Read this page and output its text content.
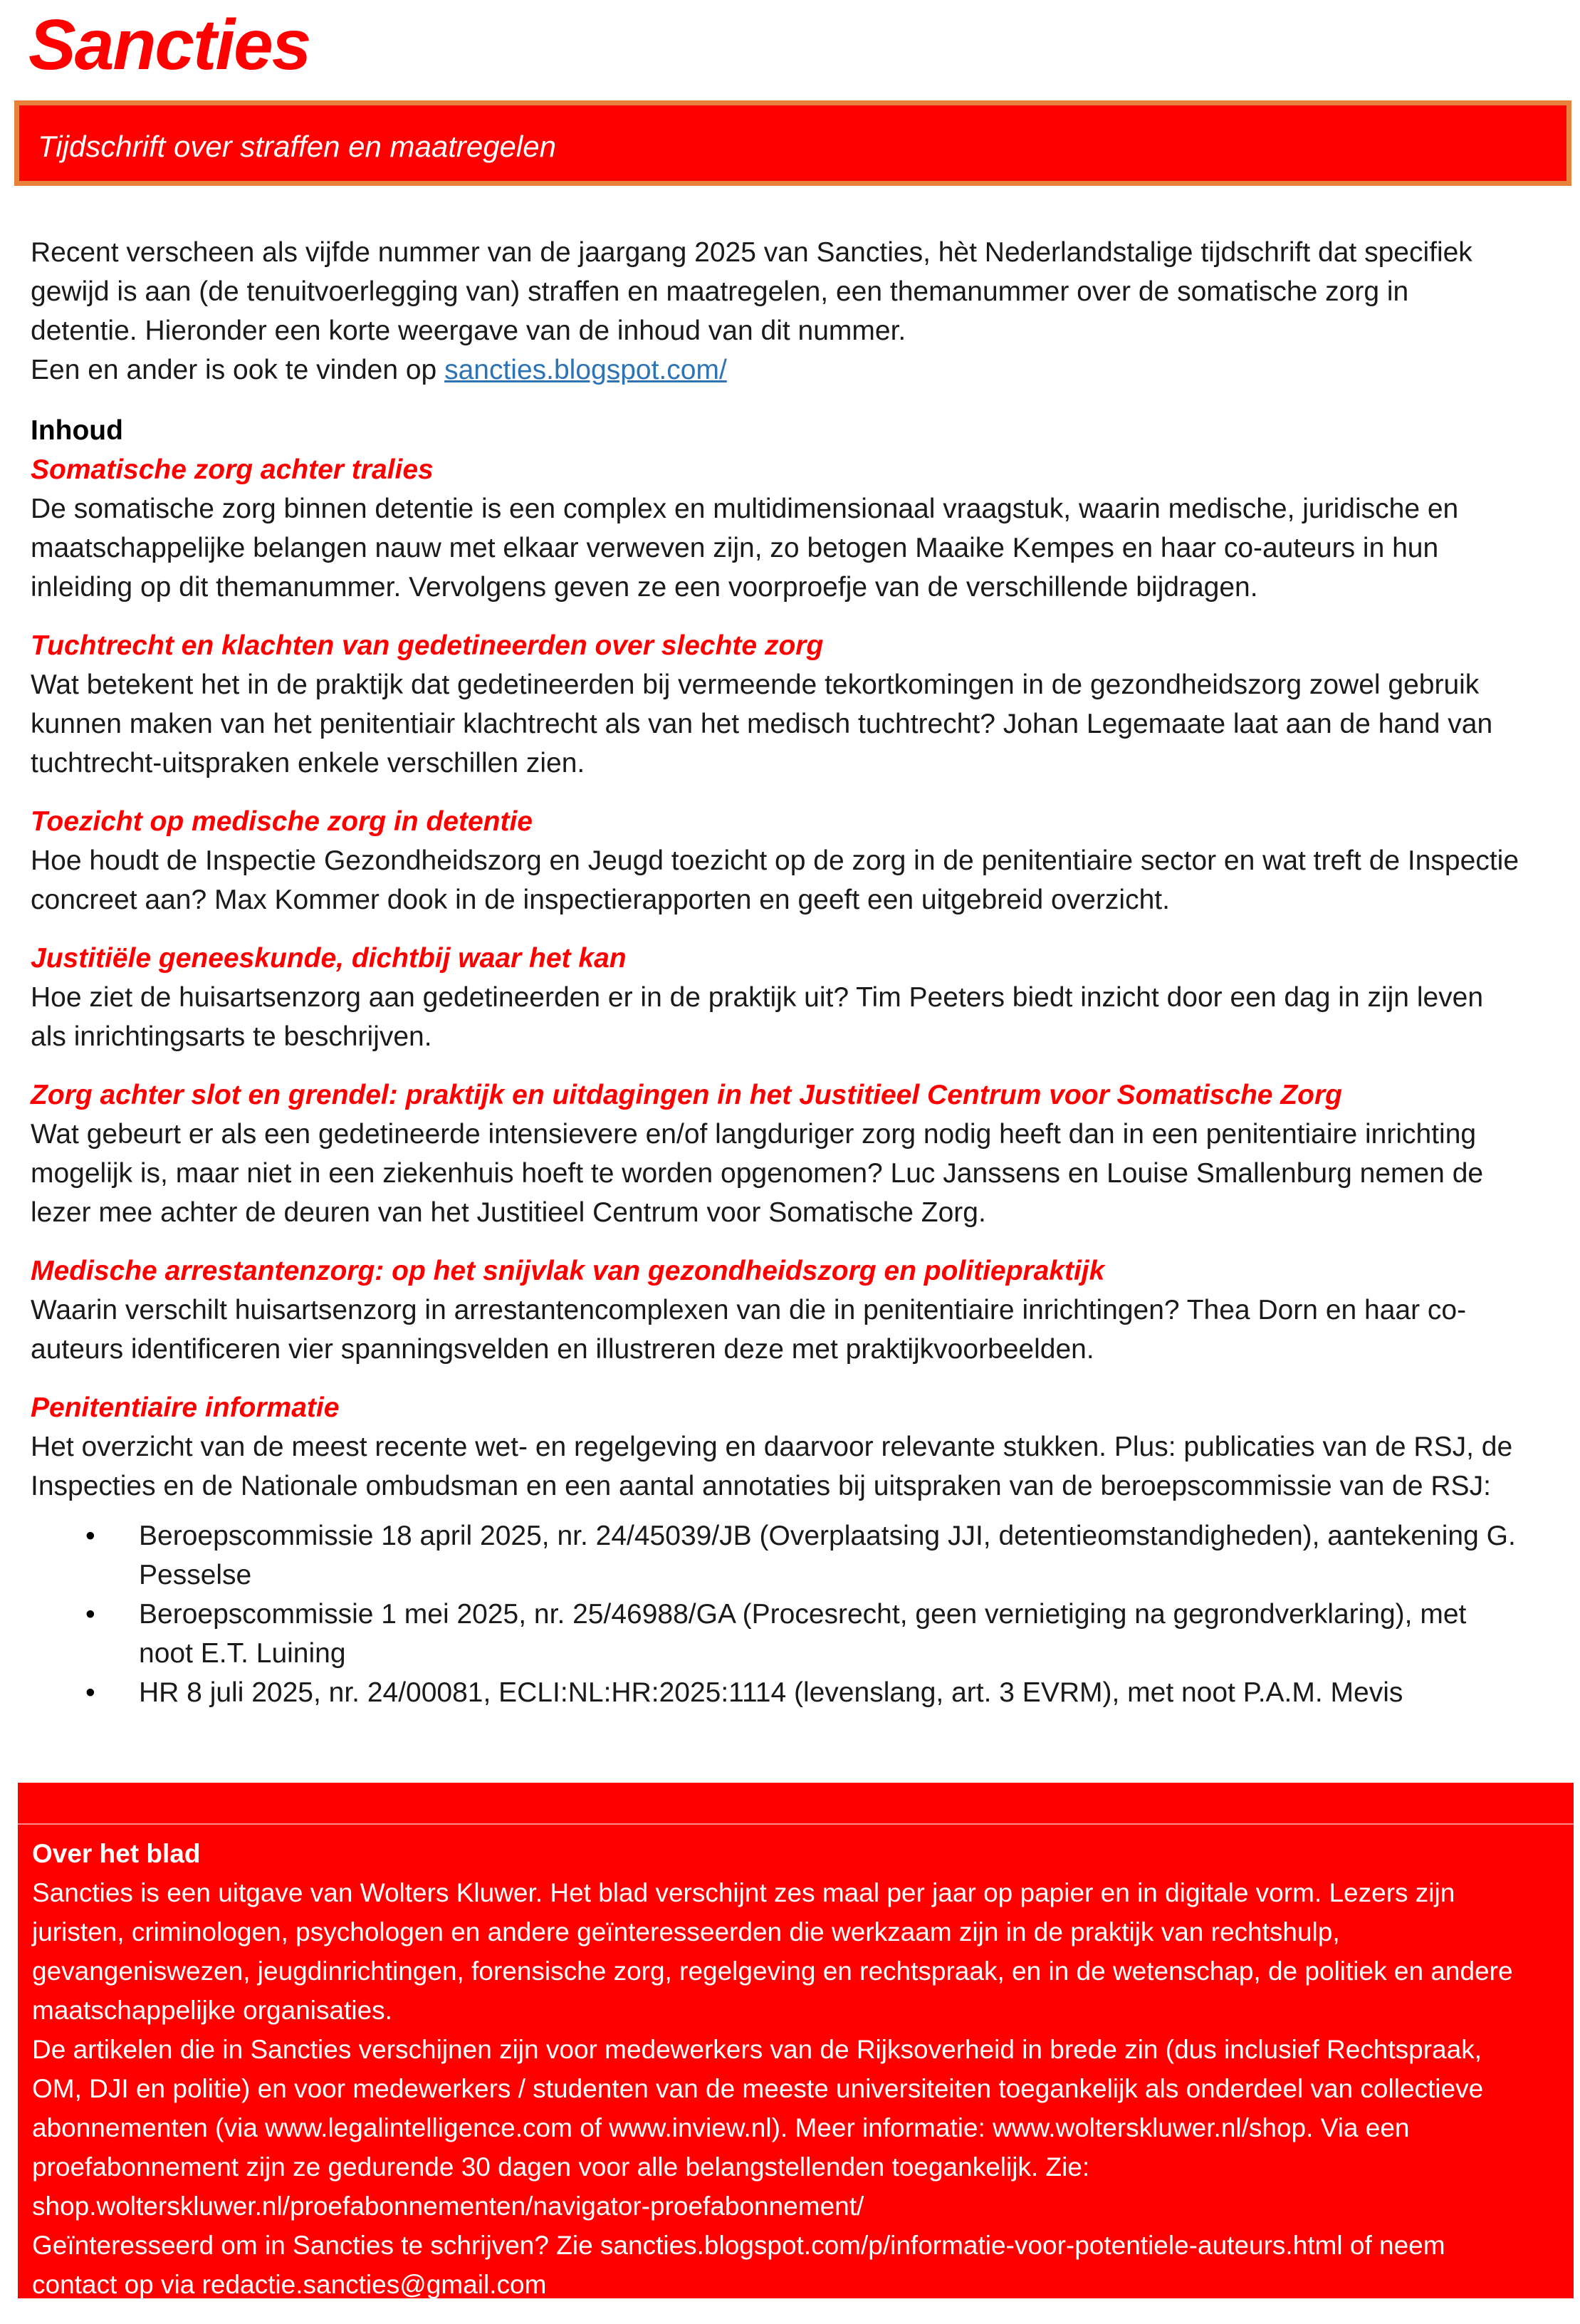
Sancties
Tijdschrift over straffen en maatregelen

Recent verscheen als vijfde nummer van de jaargang 2025 van Sancties, hèt Nederlandstalige tijdschrift dat specifiek gewijd is aan (de tenuitvoerlegging van) straffen en maatregelen, een themanummer over de somatische zorg in detentie. Hieronder een korte weergave van de inhoud van dit nummer.

Een en ander is ook te vinden op sancties.blogspot.com/

Inhoud
Somatische zorg achter tralies

De somatische zorg binnen detentie is een complex en multidimensionaal vraagstuk, waarin medische, juridische en maatschappelijke belangen nauw met elkaar verweven zijn, zo betogen Maaike Kempes en haar co-auteurs in hun inleiding op dit themanummer. Vervolgens geven ze een voorproefje van de verschillende bijdragen.

Tuchtrecht en klachten van gedetineerden over slechte zorg

Wat betekent het in de praktijk dat gedetineerden bij vermeende tekortkomingen in de gezondheidszorg zowel gebruik kunnen maken van het penitentiair klachtrecht als van het medisch tuchtrecht? Johan Legemaate laat aan de hand van tuchtrecht-uitspraken enkele verschillen zien.

Toezicht op medische zorg in detentie

Hoe houdt de Inspectie Gezondheidszorg en Jeugd toezicht op de zorg in de penitentiaire sector en wat treft de Inspectie concreet aan? Max Kommer dook in de inspectierapporten en geeft een uitgebreid overzicht.

Justitiële geneeskunde, dichtbij waar het kan

Hoe ziet de huisartsenzorg aan gedetineerden er in de praktijk uit? Tim Peeters biedt inzicht door een dag in zijn leven als inrichtingsarts te beschrijven.

Zorg achter slot en grendel: praktijk en uitdagingen in het Justitieel Centrum voor Somatische Zorg

Wat gebeurt er als een gedetineerde intensievere en/of langduriger zorg nodig heeft dan in een penitentiaire inrichting mogelijk is, maar niet in een ziekenhuis hoeft te worden opgenomen? Luc Janssens en Louise Smallenburg nemen de lezer mee achter de deuren van het Justitieel Centrum voor Somatische Zorg.

Medische arrestantenzorg: op het snijvlak van gezondheidszorg en politiepraktijk

Waarin verschilt huisartsenzorg in arrestantencomplexen van die in penitentiaire inrichtingen? Thea Dorn en haar co-auteurs identificeren vier spanningsvelden en illustreren deze met praktijkvoorbeelden.

Penitentiaire informatie

Het overzicht van de meest recente wet- en regelgeving en daarvoor relevante stukken. Plus: publicaties van de RSJ, de Inspecties en de Nationale ombudsman en een aantal annotaties bij uitspraken van de beroepscommissie van de RSJ:

• Beroepscommissie 18 april 2025, nr. 24/45039/JB (Overplaatsing JJI, detentieomstandigheden), aantekening G. Pesselse
• Beroepscommissie 1 mei 2025, nr. 25/46988/GA (Procesrecht, geen vernietiging na gegrondverklaring), met noot E.T. Luining
• HR 8 juli 2025, nr. 24/00081, ECLI:NL:HR:2025:1114 (levenslang, art. 3 EVRM), met noot P.A.M. Mevis

Over het blad

Sancties is een uitgave van Wolters Kluwer. Het blad verschijnt zes maal per jaar op papier en in digitale vorm. Lezers zijn juristen, criminologen, psychologen en andere geïnteresseerden die werkzaam zijn in de praktijk van rechtshulp, gevangeniswezen, jeugdinrichtingen, forensische zorg, regelgeving en rechtspraak, en in de wetenschap, de politiek en andere maatschappelijke organisaties.

De artikelen die in Sancties verschijnen zijn voor medewerkers van de Rijksoverheid in brede zin (dus inclusief Rechtspraak, OM, DJI en politie) en voor medewerkers / studenten van de meeste universiteiten toegankelijk als onderdeel van collectieve abonnementen (via www.legalintelligence.com of www.inview.nl). Meer informatie: www.wolterskluwer.nl/shop. Via een proefabonnement zijn ze gedurende 30 dagen voor alle belangstellenden toegankelijk. Zie:

shop.wolterskluwer.nl/proefabonnementen/navigator-proefabonnement/

Geïnteresseerd om in Sancties te schrijven? Zie sancties.blogspot.com/p/informatie-voor-potentiele-auteurs.html of neem contact op via redactie.sancties@gmail.com
